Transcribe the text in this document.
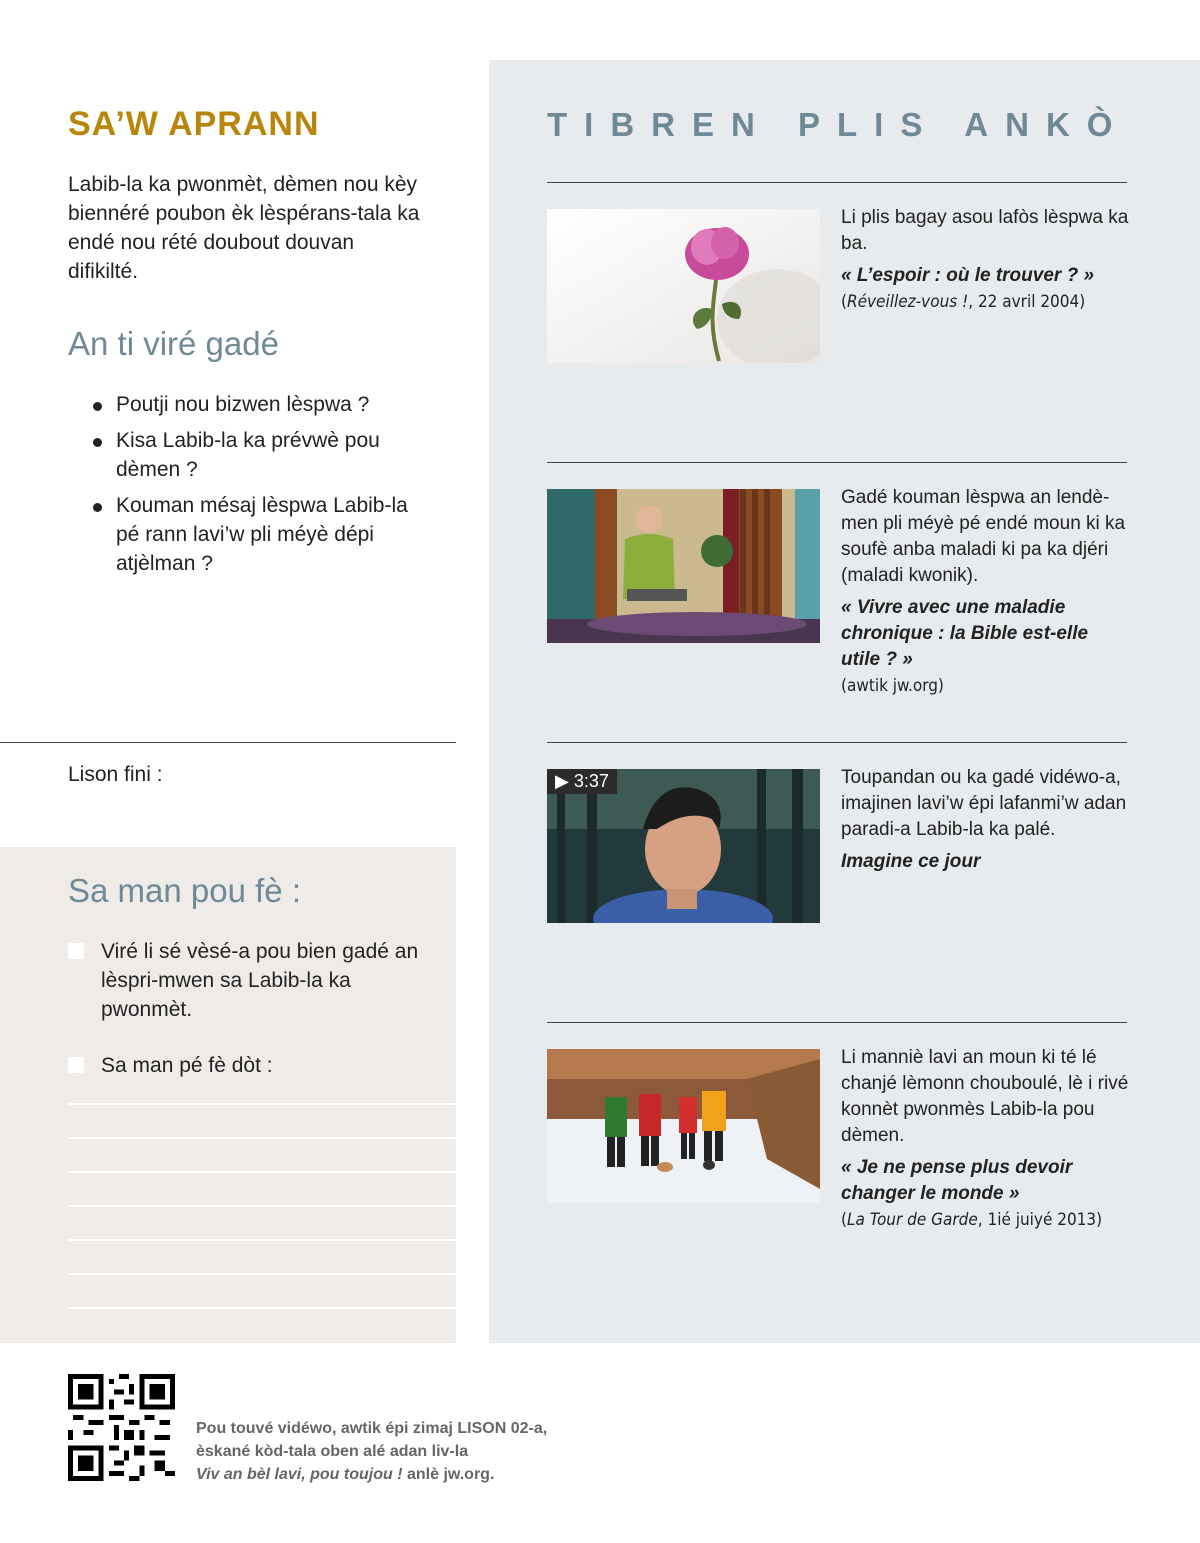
SA’W APRANN
Labib-la ka pwonmèt, dèmen nou kèy biennéré poubon èk lèspérans-tala ka endé nou rété doubout douvan difikilté.
An ti viré gadé
Poutji nou bizwen lèspwa ?
Kisa Labib-la ka prévwè pou dèmen ?
Kouman mésaj lèspwa Labib-la pé rann lavi’w pli méyè dépi atjèlman ?
Lison fini :
Sa man pou fè :
Viré li sé vèsé-a pou bien gadé an lèspri-mwen sa Labib-la ka pwonmèt.
Sa man pé fè dòt :
TIBREN PLIS ANKÒ

Li plis bagay asou lafòs lèspwa ka ba.

« L’espoir : où le trouver ? »

(Réveillez-vous !, 22 avril 2004)

Gadé kouman lèspwa an lendè-men pli méyè pé endé moun ki ka soufè anba maladi ki pa ka djéri (maladi kwonik).

« Vivre avec une maladie chronique : la Bible est-elle utile ? »

(awtik jw.org)

▶ 3:37	Toupandan ou ka gadé vidéwo-a, imajinen lavi’w épi lafanmi’w adan paradi-a Labib-la ka palé.

Imagine ce jour

Li manniè lavi an moun ki té lé chanjé lèmonn chouboulé, lè i rivé konnèt pwonmès Labib-la pou dèmen.

« Je ne pense plus devoir changer le monde »

(La Tour de Garde, 1ié juiyé 2013)

Pou touvé vidéwo, awtik épi zimaj LISON 02-a,
èskané kòd-tala oben alé adan liv-la
Viv an bèl lavi, pou toujou ! anlè jw.org.
